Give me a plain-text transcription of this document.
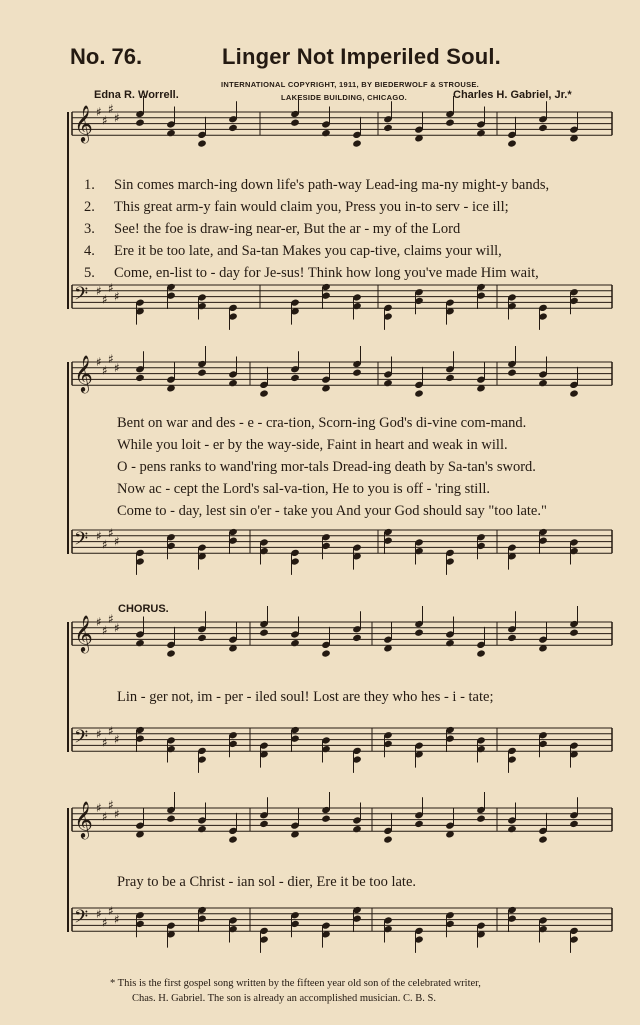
No. 76.	Linger Not Imperiled Soul.
INTERNATIONAL COPYRIGHT, 1911, BY BIEDERWOLF & STROUSE.
Edna R. Worrell.	LAKESIDE BUILDING, CHICAGO.	Charles H. Gabriel, Jr.*
𝄞 ♯
♯
♯
♯
𝄢 ♯
♯
♯
♯
𝄞 ♯
♯
♯
♯
𝄢 ♯
♯
♯
♯
𝄞 ♯
♯
♯
♯
𝄢 ♯
♯
♯
♯
𝄞 ♯
♯
♯
♯
𝄢 ♯
♯
♯
♯
1. Sin comes march-ing down life's path-way Lead-ing ma-ny might-y bands,
2. This great arm-y fain would claim you, Press you in-to serv - ice ill;
3. See! the foe is draw-ing near-er, But the ar - my of the Lord
4. Ere it be too late, and Sa-tan Makes you cap-tive, claims your will,
5. Come, en-list to - day for Je-sus! Think how long you've made Him wait,
Bent on war and des - e - cra-tion, Scorn-ing God's di-vine com-mand.
While you loit - er by the way-side, Faint in heart and weak in will.
O - pens ranks to wand'ring mor-tals Dread-ing death by Sa-tan's sword.
Now ac - cept the Lord's sal-va-tion, He to you is off - 'ring still.
Come to - day, lest sin o'er - take you And your God should say "too late."
CHORUS.
Lin - ger not, im - per - iled soul! Lost are they who hes - i - tate;
Pray to be a Christ - ian sol - dier, Ere it be too late.
* This is the first gospel song written by the fifteen year old son of the celebrated writer,
Chas. H. Gabriel. The son is already an accomplished musician. C. B. S.
